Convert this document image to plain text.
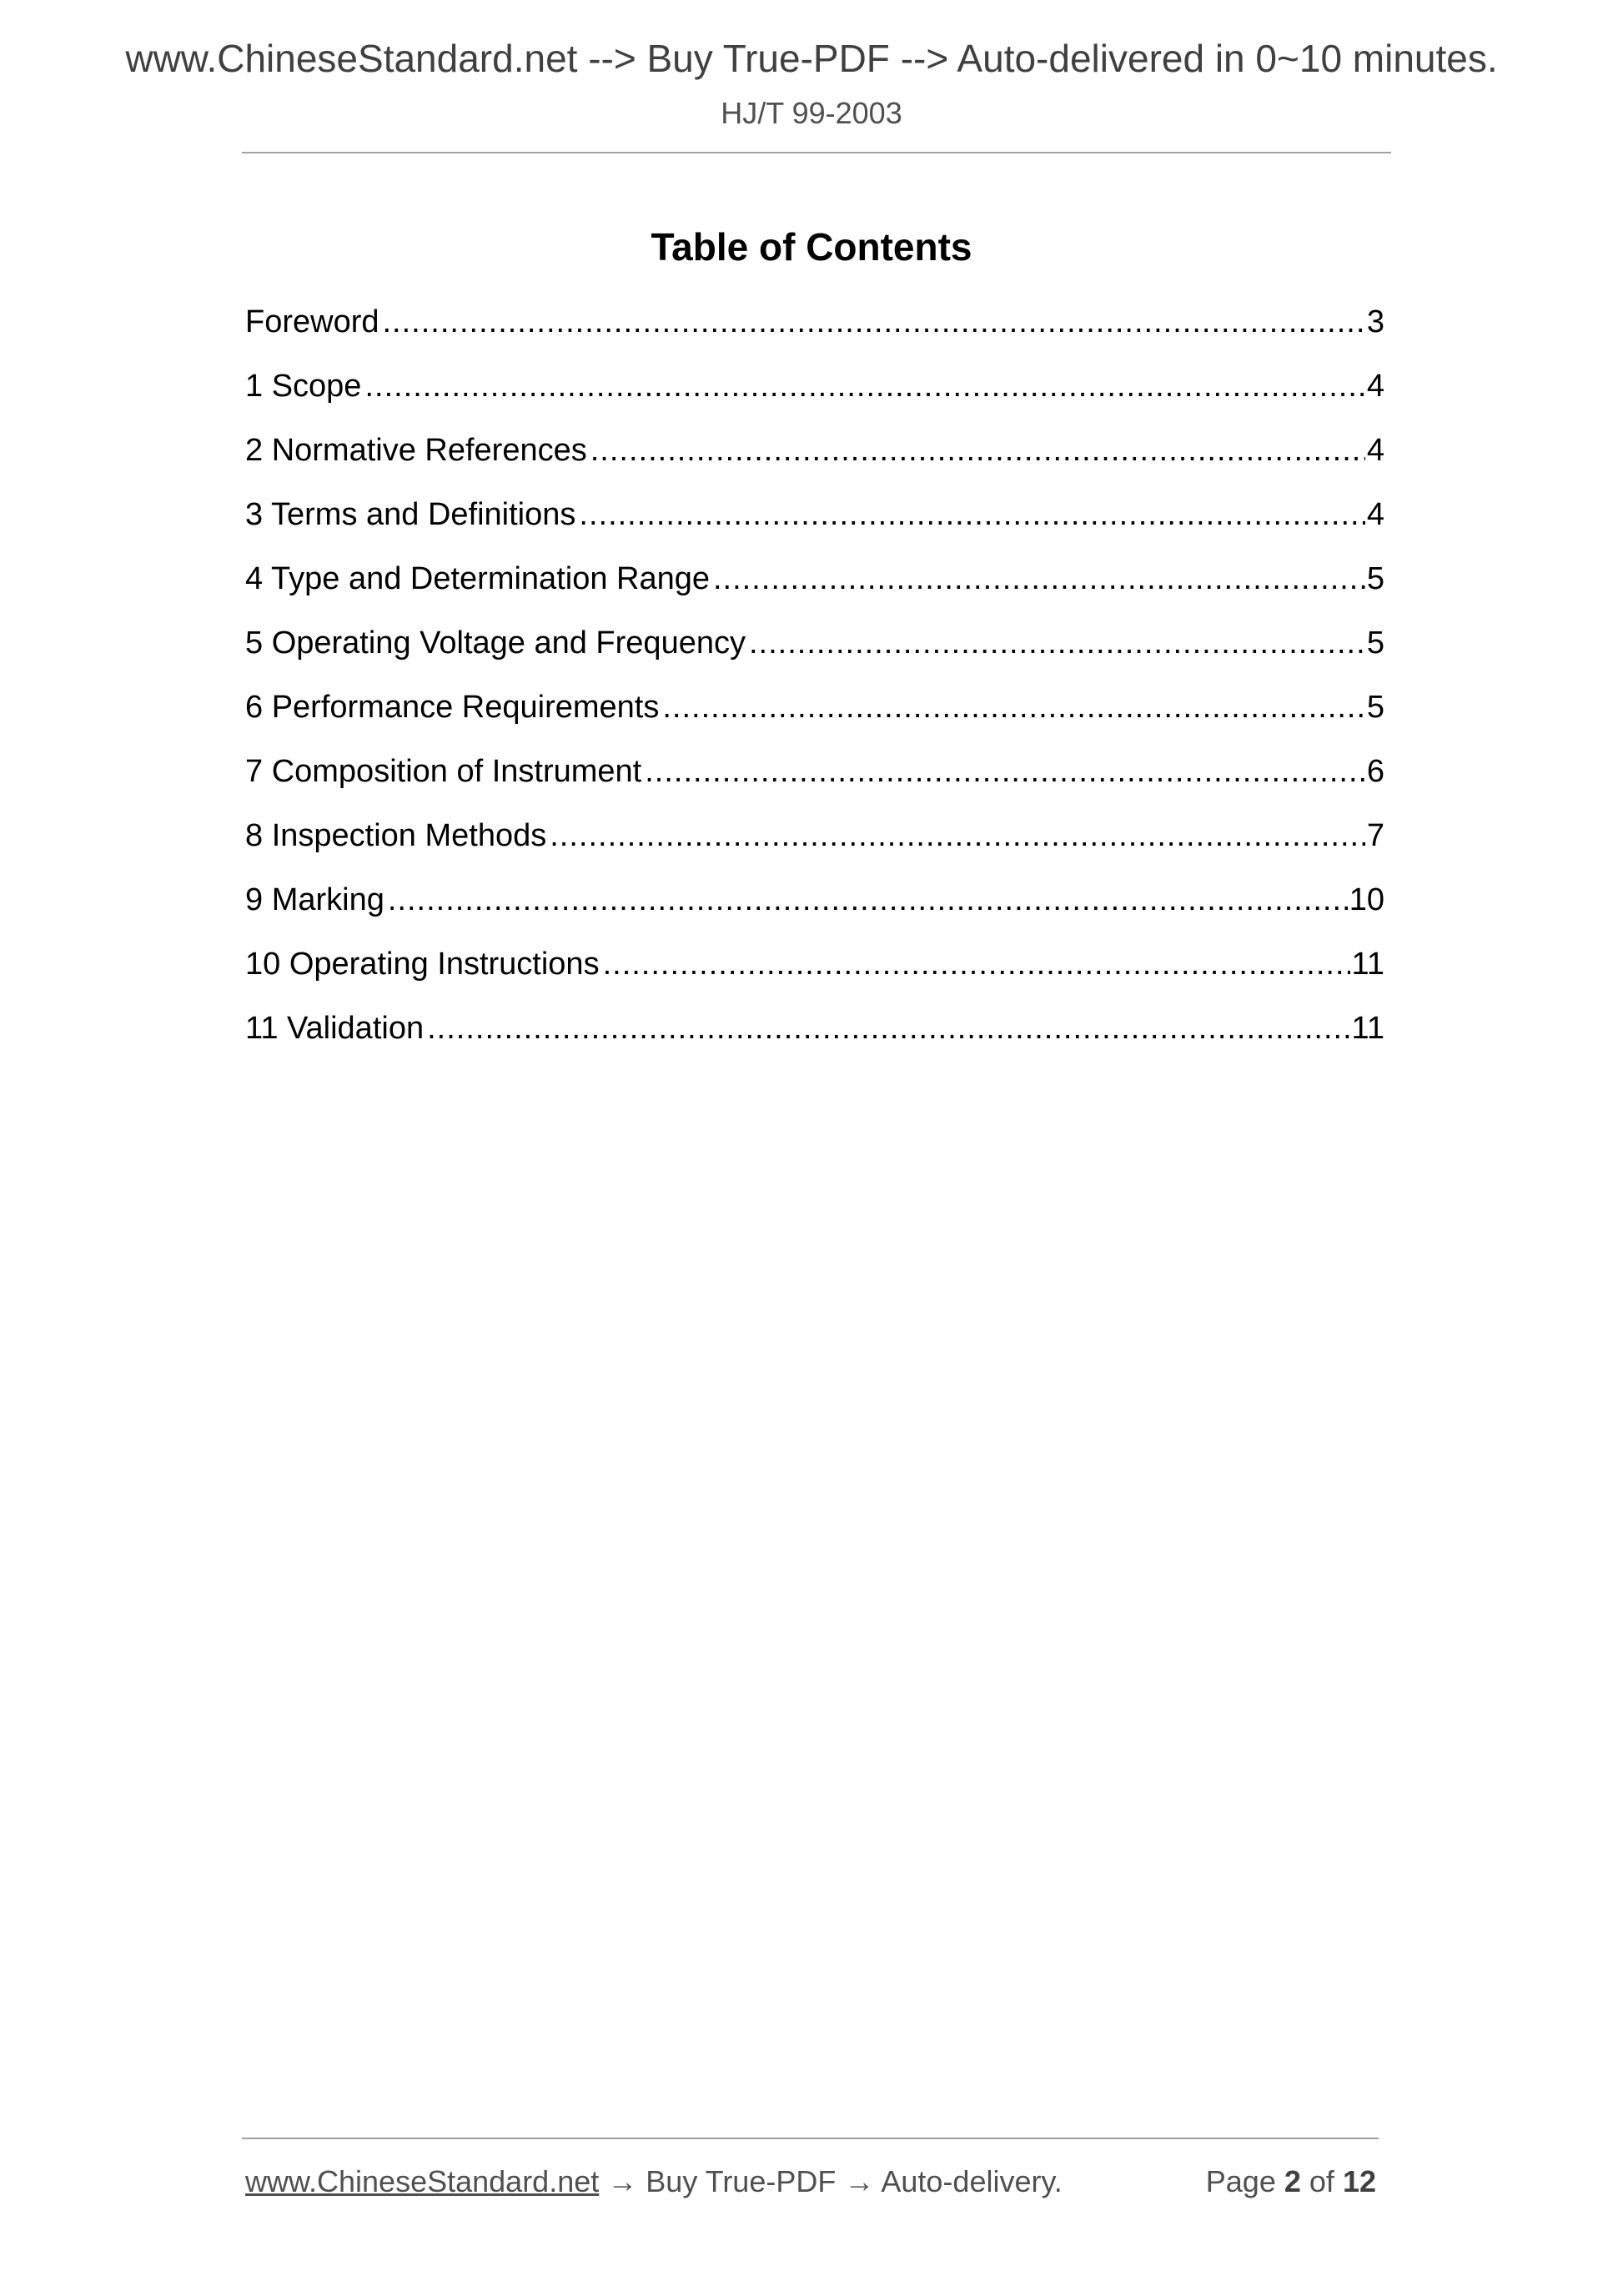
www.ChineseStandard.net --> Buy True-PDF --> Auto-delivered in 0~10 minutes.
HJ/T 99-2003
Table of Contents
Foreword .....	3
1 Scope .....	4
2 Normative References .....	4
3 Terms and Definitions .....	4
4 Type and Determination Range .....	5
5 Operating Voltage and Frequency .....	5
6 Performance Requirements .....	5
7 Composition of Instrument .....	6
8 Inspection Methods .....	7
9 Marking .....	10
10 Operating Instructions .....	11
11 Validation .....	11
www.ChineseStandard.net → Buy True-PDF → Auto-delivery.	Page 2 of 12
